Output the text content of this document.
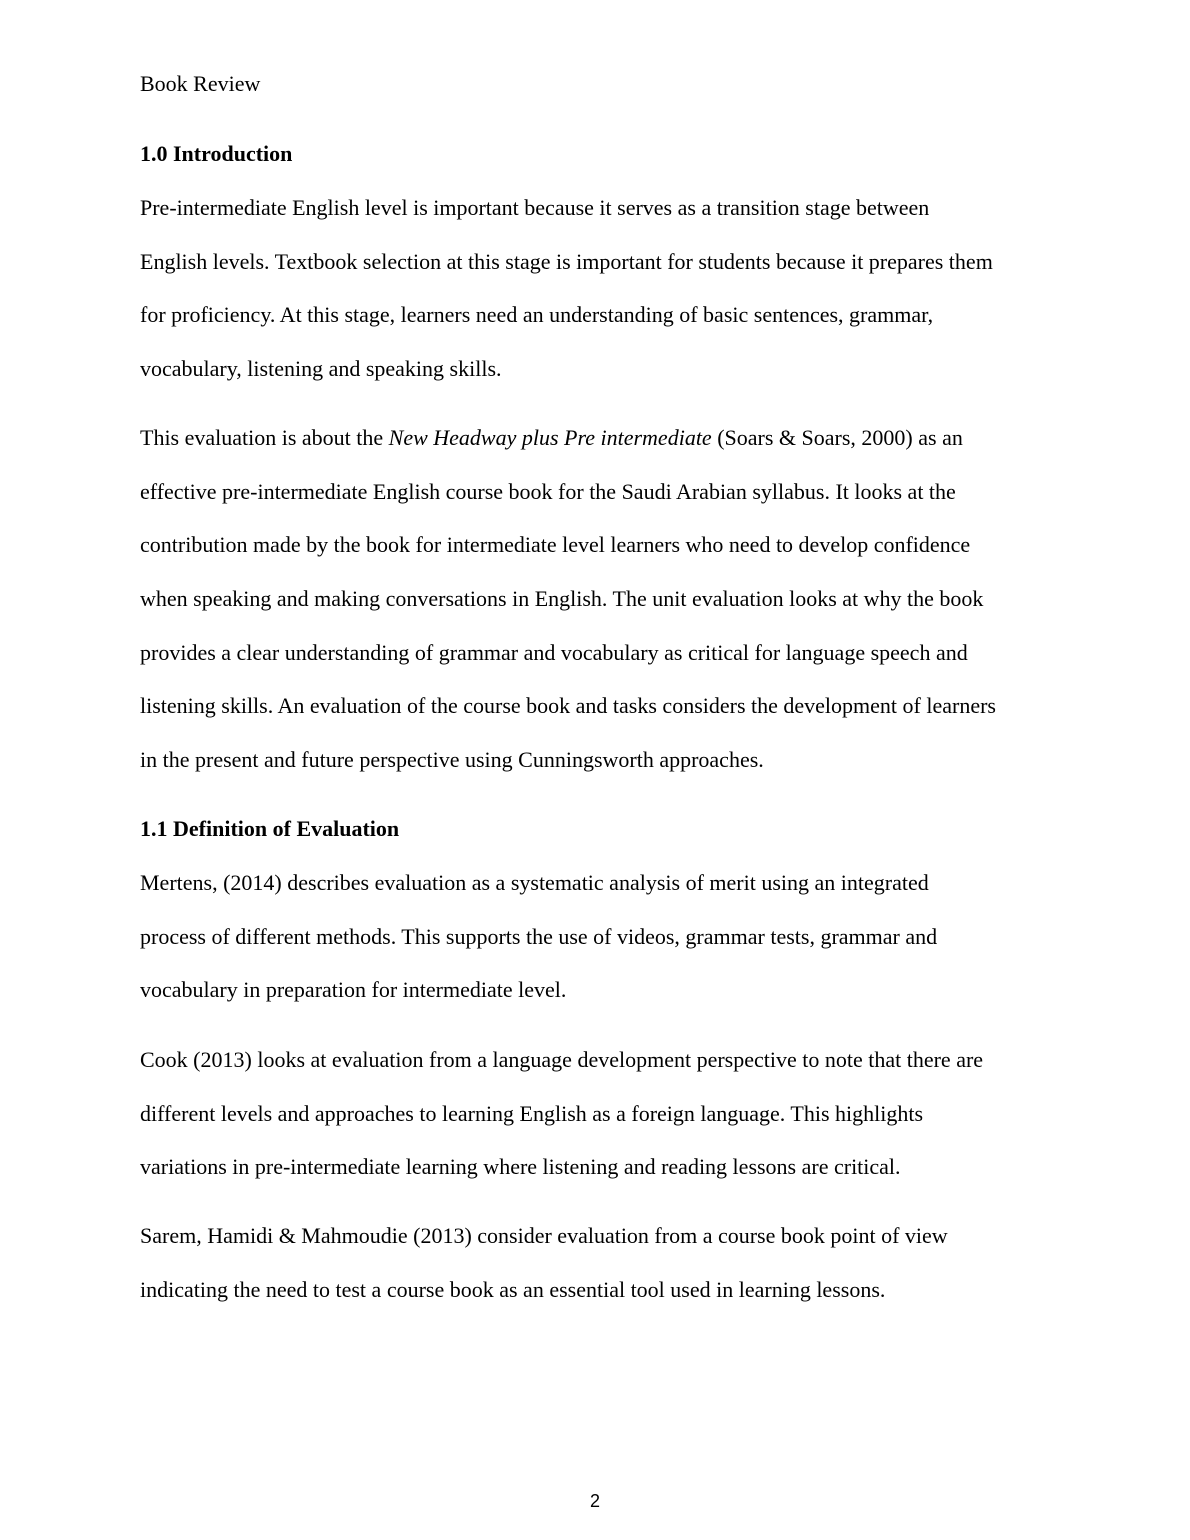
Book Review
1.0 Introduction

Pre-intermediate English level is important because it serves as a transition stage between
English levels. Textbook selection at this stage is important for students because it prepares them
for proficiency. At this stage, learners need an understanding of basic sentences, grammar,
vocabulary, listening and speaking skills.

This evaluation is about the New Headway plus Pre intermediate (Soars & Soars, 2000) as an
effective pre-intermediate English course book for the Saudi Arabian syllabus. It looks at the
contribution made by the book for intermediate level learners who need to develop confidence
when speaking and making conversations in English. The unit evaluation looks at why the book
provides a clear understanding of grammar and vocabulary as critical for language speech and
listening skills. An evaluation of the course book and tasks considers the development of learners
in the present and future perspective using Cunningsworth approaches.

1.1 Definition of Evaluation

Mertens, (2014) describes evaluation as a systematic analysis of merit using an integrated
process of different methods. This supports the use of videos, grammar tests, grammar and
vocabulary in preparation for intermediate level.

Cook (2013) looks at evaluation from a language development perspective to note that there are
different levels and approaches to learning English as a foreign language. This highlights
variations in pre-intermediate learning where listening and reading lessons are critical.

Sarem, Hamidi & Mahmoudie (2013) consider evaluation from a course book point of view
indicating the need to test a course book as an essential tool used in learning lessons.

2
